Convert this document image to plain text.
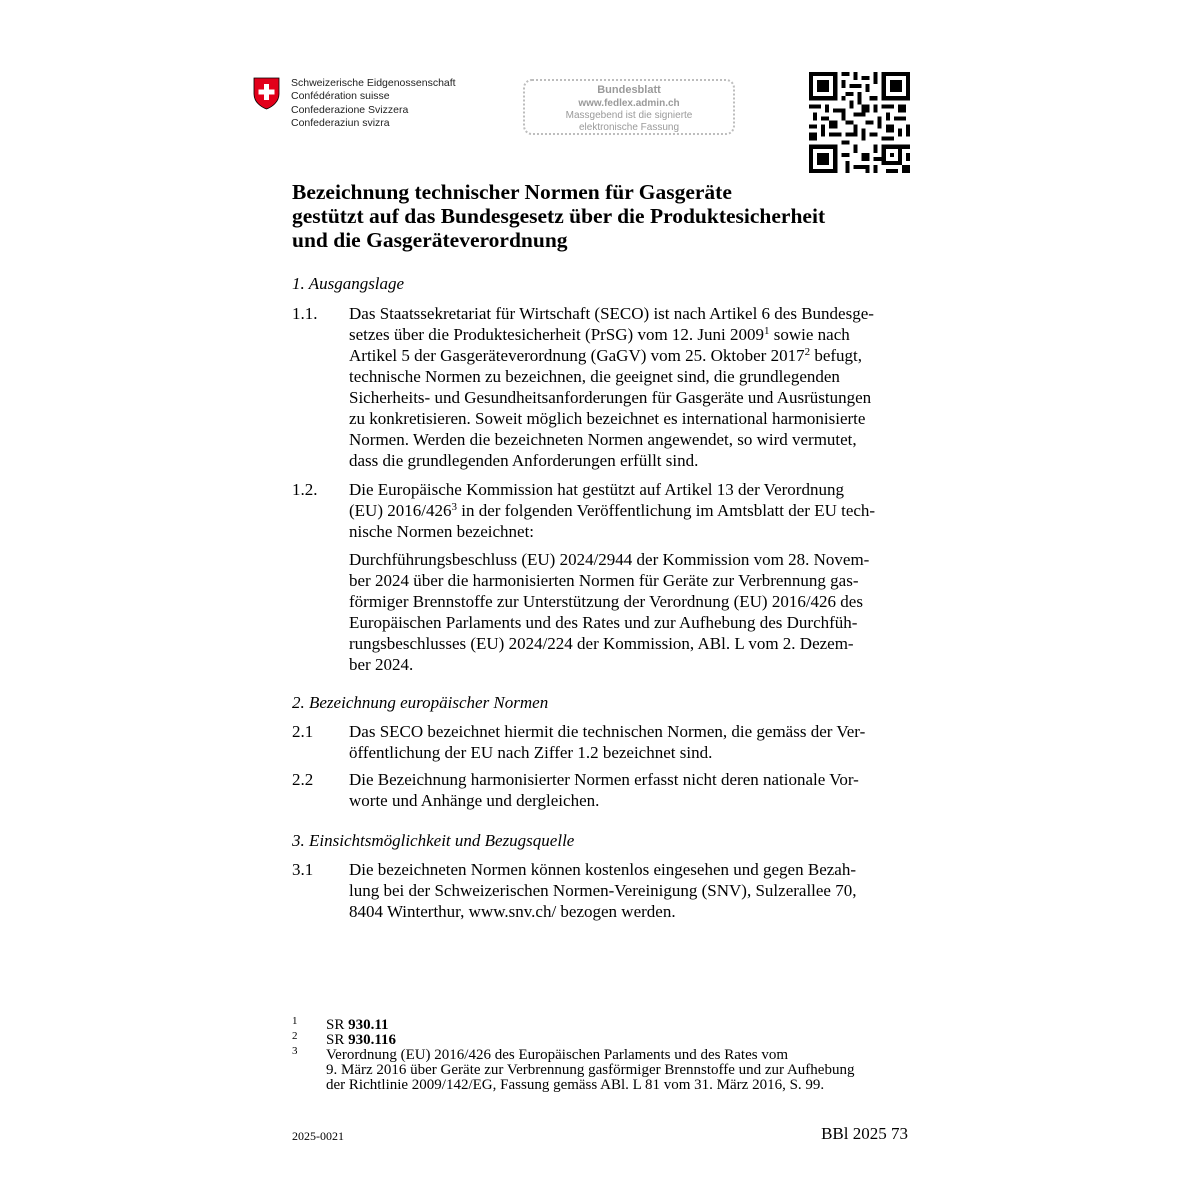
Schweizerische Eidgenossenschaft
Confédération suisse
Confederazione Svizzera
Confederaziun svizra
Bundesblatt
www.fedlex.admin.ch
Massgebend ist die signierte
elektronische Fassung
Bezeichnung technischer Normen für Gasgeräte
gestützt auf das Bundesgesetz über die Produktesicherheit
und die Gasgeräteverordnung
1. Ausgangslage
1.1. Das Staatssekretariat für Wirtschaft (SECO) ist nach Artikel 6 des Bundesge-
setzes über die Produktesicherheit (PrSG) vom 12. Juni 2009$^1$ sowie nach
Artikel 5 der Gasgeräteverordnung (GaGV) vom 25. Oktober 2017$^2$ befugt,
technische Normen zu bezeichnen, die geeignet sind, die grundlegenden
Sicherheits- und Gesundheitsanforderungen für Gasgeräte und Ausrüstungen
zu konkretisieren. Soweit möglich bezeichnet es international harmonisierte
Normen. Werden die bezeichneten Normen angewendet, so wird vermutet,
dass die grundlegenden Anforderungen erfüllt sind.
1.2. Die Europäische Kommission hat gestützt auf Artikel 13 der Verordnung
(EU) $2016/426^3$ in der folgenden Veröffentlichung im Amtsblatt der EU tech-
nische Normen bezeichnet:
Durchführungsbeschluss (EU) 2024/2944 der Kommission vom 28. Novem-
ber 2024 über die harmonisierten Normen für Geräte zur Verbrennung gas-
förmiger Brennstoffe zur Unterstützung der Verordnung (EU) 2016/426 des
Europäischen Parlaments und des Rates und zur Aufhebung des Durchfüh-
rungsbeschlusses (EU) 2024/224 der Kommission, ABl. L vom 2. Dezem-
ber 2024.
2. Bezeichnung europäischer Normen
2.1 Das SECO bezeichnet hiermit die technischen Normen, die gemäss der Ver-
öffentlichung der EU nach Ziffer 1.2 bezeichnet sind.
2.2 Die Bezeichnung harmonisierter Normen erfasst nicht deren nationale Vor-
worte und Anhänge und dergleichen.
3. Einsichtsmöglichkeit und Bezugsquelle
3.1 Die bezeichneten Normen können kostenlos eingesehen und gegen Bezah-
lung bei der Schweizerischen Normen-Vereinigung (SNV), Sulzerallee 70,
8404 Winterthur, www.snv.ch/ bezogen werden.
1 SR 930.11
2 SR 930.116
3 Verordnung (EU) 2016/426 des Europäischen Parlaments und des Rates vom
9. März 2016 über Geräte zur Verbrennung gasförmiger Brennstoffe und zur Aufhebung
der Richtlinie 2009/142/EG, Fassung gemäss ABl. L 81 vom 31. März 2016, S. 99.
2025-0021	BBl 2025 73
